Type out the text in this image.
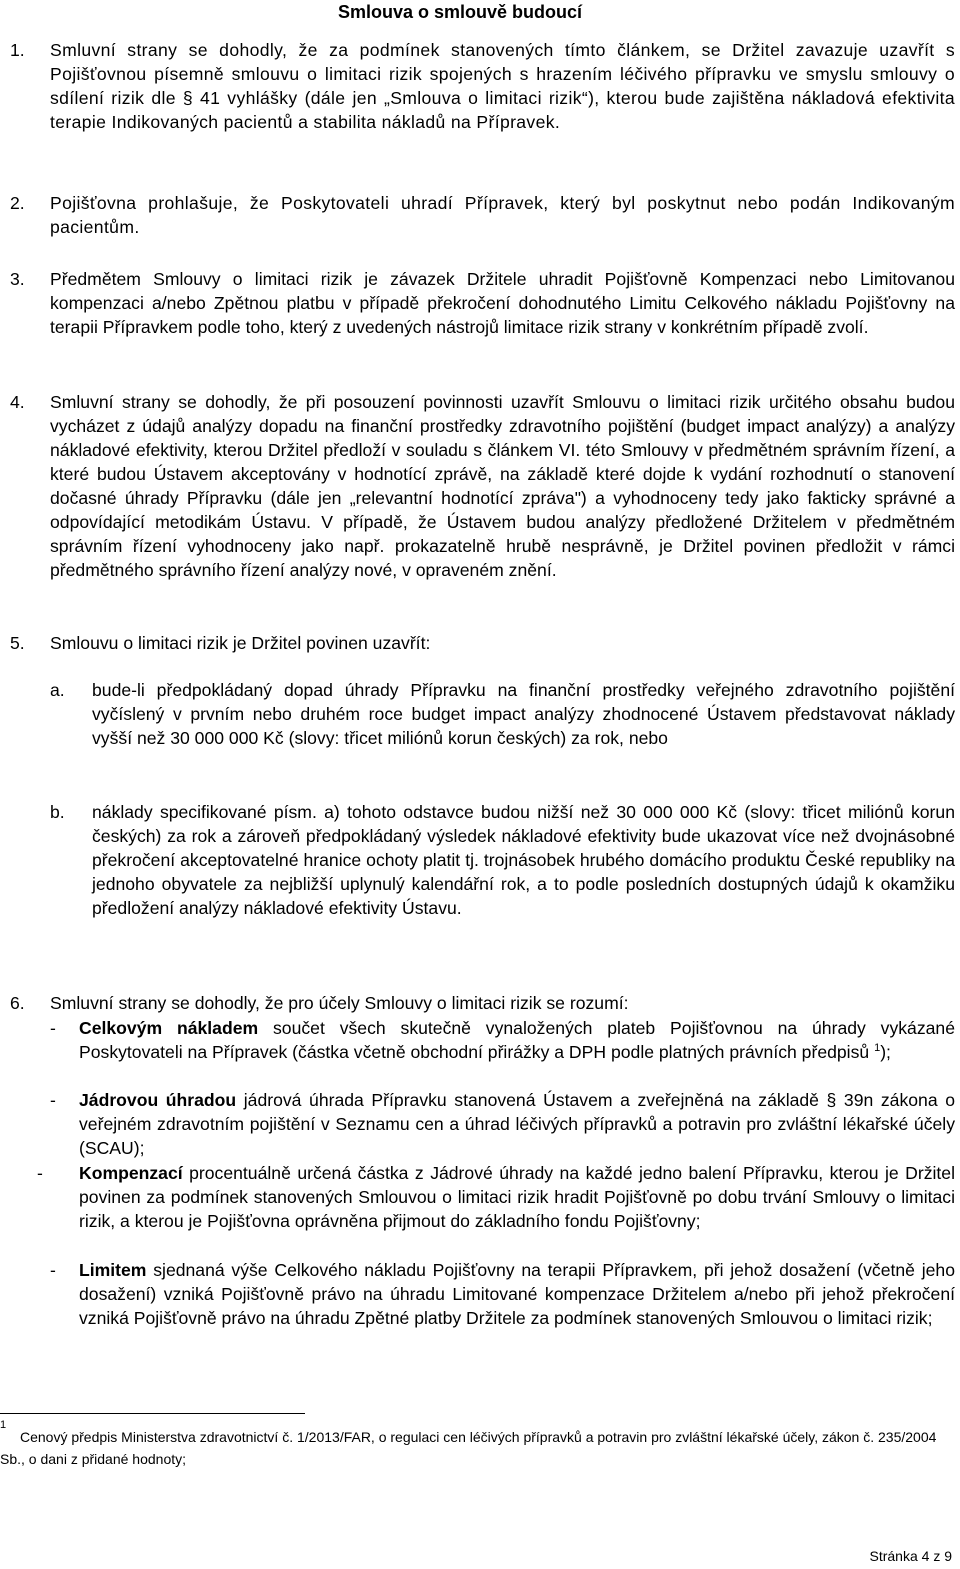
Smlouva o smlouvě budoucí
1. Smluvní strany se dohodly, že za podmínek stanovených tímto článkem, se Držitel zavazuje uzavřít s Pojišťovnou písemně smlouvu o limitaci rizik spojených s hrazením léčivého přípravku ve smyslu smlouvy o sdílení rizik dle § 41 vyhlášky (dále jen „Smlouva o limitaci rizik“), kterou bude zajištěna nákladová efektivita terapie Indikovaných pacientů a stabilita nákladů na Přípravek.
2. Pojišťovna prohlašuje, že Poskytovateli uhradí Přípravek, který byl poskytnut nebo podán Indikovaným pacientům.
3. Předmětem Smlouvy o limitaci rizik je závazek Držitele uhradit Pojišťovně Kompenzaci nebo Limitovanou kompenzaci a/nebo Zpětnou platbu v případě překročení dohodnutého Limitu Celkového nákladu Pojišťovny na terapii Přípravkem podle toho, který z uvedených nástrojů limitace rizik strany v konkrétním případě zvolí.
4. Smluvní strany se dohodly, že při posouzení povinnosti uzavřít Smlouvu o limitaci rizik určitého obsahu budou vycházet z údajů analýzy dopadu na finanční prostředky zdravotního pojištění (budget impact analýzy) a analýzy nákladové efektivity, kterou Držitel předloží v souladu s článkem VI. této Smlouvy v předmětném správním řízení, a které budou Ústavem akceptovány v hodnotící zprávě, na základě které dojde k vydání rozhodnutí o stanovení dočasné úhrady Přípravku (dále jen „relevantní hodnotící zpráva") a vyhodnoceny tedy jako fakticky správné a odpovídající metodikám Ústavu. V případě, že Ústavem budou analýzy předložené Držitelem v předmětném správním řízení vyhodnoceny jako např. prokazatelně hrubě nesprávně, je Držitel povinen předložit v rámci předmětného správního řízení analýzy nové, v opraveném znění.
5. Smlouvu o limitaci rizik je Držitel povinen uzavřít:
a. bude-li předpokládaný dopad úhrady Přípravku na finanční prostředky veřejného zdravotního pojištění vyčíslený v prvním nebo druhém roce budget impact analýzy zhodnocené Ústavem představovat náklady vyšší než 30 000 000 Kč (slovy: třicet miliónů korun českých) za rok, nebo
b. náklady specifikované písm. a) tohoto odstavce budou nižší než 30 000 000 Kč (slovy: třicet miliónů korun českých) za rok a zároveň předpokládaný výsledek nákladové efektivity bude ukazovat více než dvojnásobné překročení akceptovatelné hranice ochoty platit tj. trojnásobek hrubého domácího produktu České republiky na jednoho obyvatele za nejbližší uplynulý kalendářní rok, a to podle posledních dostupných údajů k okamžiku předložení analýzy nákladové efektivity Ústavu.
6. Smluvní strany se dohodly, že pro účely Smlouvy o limitaci rizik se rozumí:
- Celkovým nákladem součet všech skutečně vynaložených plateb Pojišťovnou na úhrady vykázané Poskytovateli na Přípravek (částka včetně obchodní přirážky a DPH podle platných právních předpisů $^1$);
- Jádrovou úhradou jádrová úhrada Přípravku stanovená Ústavem a zveřejněná na základě § 39n zákona o veřejném zdravotním pojištění v Seznamu cen a úhrad léčivých přípravků a potravin pro zvláštní lékařské účely (SCAU);
- Kompenzací procentuálně určená částka z Jádrové úhrady na každé jedno balení Přípravku, kterou je Držitel povinen za podmínek stanovených Smlouvou o limitaci rizik hradit Pojišťovně po dobu trvání Smlouvy o limitaci rizik, a kterou je Pojišťovna oprávněna přijmout do základního fondu Pojišťovny;
- Limitem sjednaná výše Celkového nákladu Pojišťovny na terapii Přípravkem, při jehož dosažení (včetně jeho dosažení) vzniká Pojišťovně právo na úhradu Limitované kompenzace Držitelem a/nebo při jehož překročení vzniká Pojišťovně právo na úhradu Zpětné platby Držitele za podmínek stanovených Smlouvou o limitaci rizik;
1
Cenový předpis Ministerstva zdravotnictví č. 1/2013/FAR, o regulaci cen léčivých přípravků a potravin pro zvláštní lékařské účely, zákon č. 235/2004 Sb., o dani z přidané hodnoty;
Stránka 4 z 9
